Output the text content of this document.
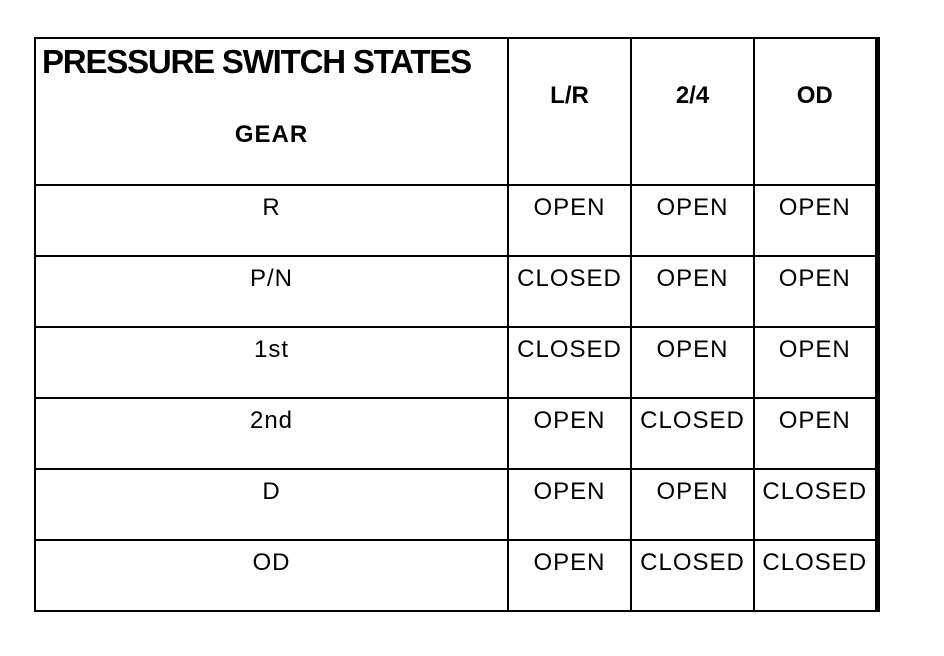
PRESSURE SWITCH STATES
GEAR	L/R	2/4	OD

R	OPEN	OPEN	OPEN

P/N	CLOSED	OPEN	OPEN

1st	CLOSED	OPEN	OPEN

2nd	OPEN	CLOSED	OPEN

D	OPEN	OPEN	CLOSED

OD	OPEN	CLOSED	CLOSED
